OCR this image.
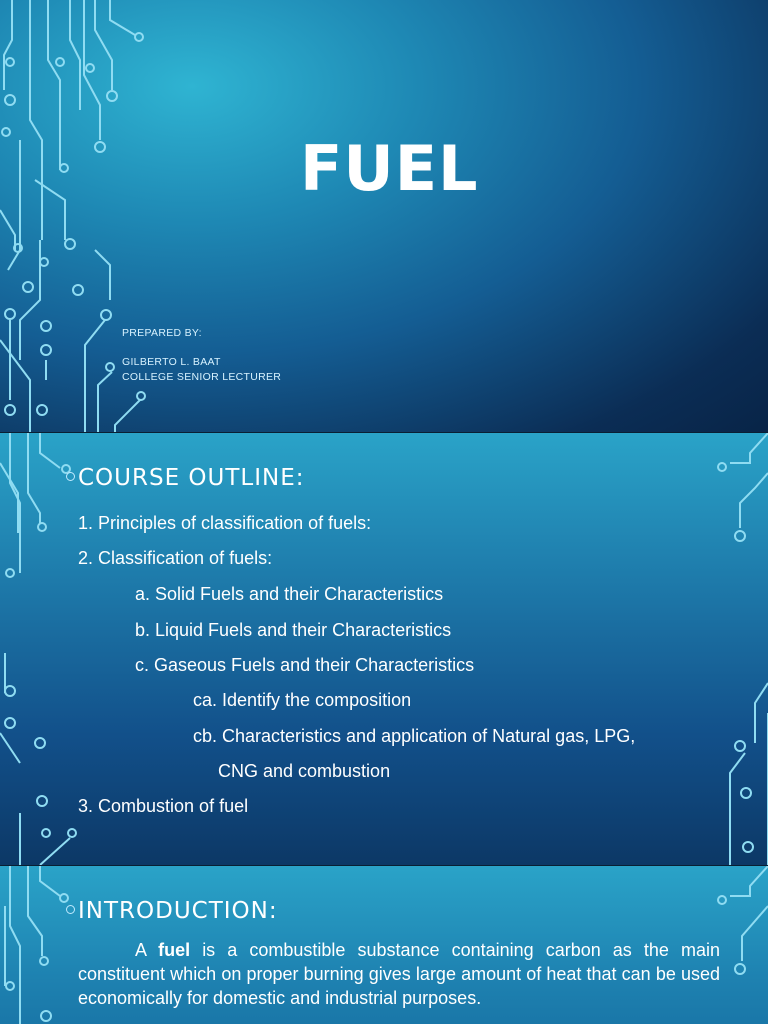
FUEL
PREPARED BY:
GILBERTO L. BAAT
COLLEGE SENIOR LECTURER
COURSE OUTLINE:
1. Principles of classification of fuels:
2. Classification of fuels:
a. Solid Fuels and their Characteristics
b. Liquid Fuels and their Characteristics
c. Gaseous Fuels and their Characteristics
ca. Identify the composition
cb. Characteristics and application of Natural gas, LPG,
CNG and combustion
3. Combustion of fuel
INTRODUCTION:
A fuel is a combustible substance containing carbon as the main constituent which on proper burning gives large amount of heat that can be used economically for domestic and industrial purposes.
